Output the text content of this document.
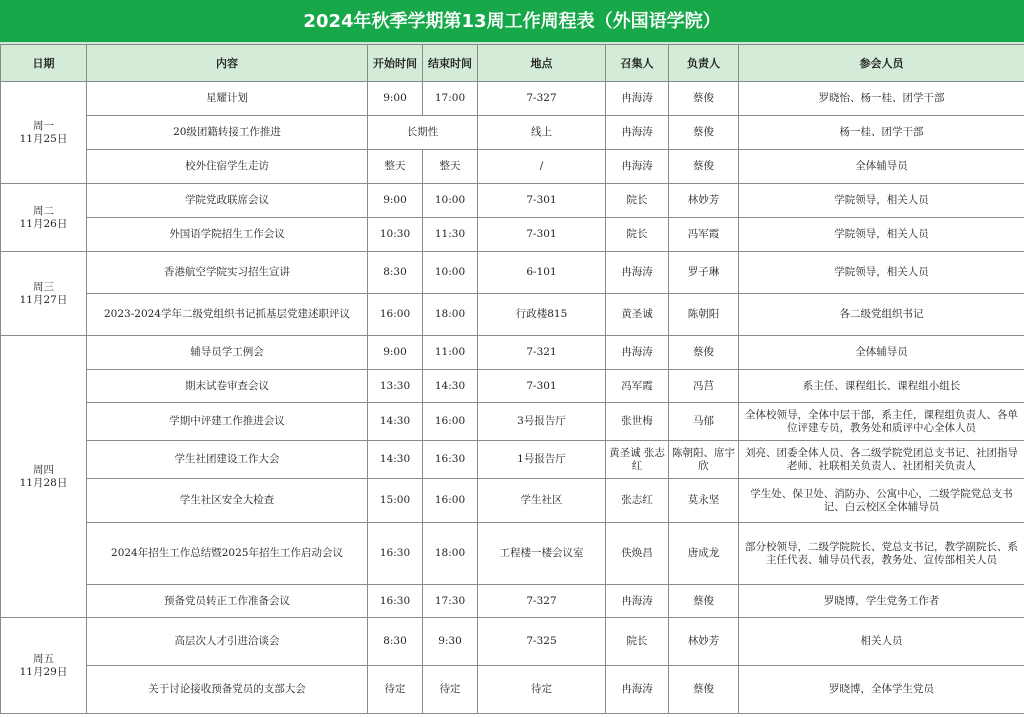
2024年秋季学期第13周工作周程表（外国语学院）
日期	内容	开始时间	结束时间	地点	召集人	负责人	参会人员

周一
11月25日	星耀计划	9:00	17:00	7-327	冉海涛	蔡俊	罗晓怡、杨一桂、团学干部
	20级团籍转接工作推进	长期性		线上	冉海涛	蔡俊	杨一桂、团学干部
	校外住宿学生走访	整天	整天	/	冉海涛	蔡俊	全体辅导员

周二
11月26日	学院党政联席会议	9:00	10:00	7-301	院长	林妙芳	学院领导，相关人员
	外国语学院招生工作会议	10:30	11:30	7-301	院长	冯军霞	学院领导，相关人员

周三
11月27日	香港航空学院实习招生宣讲	8:30	10:00	6-101	冉海涛	罗子琳	学院领导，相关人员
	2023-2024学年二级党组织书记抓基层党建述职评议	16:00	18:00	行政楼815	黄圣诚	陈朝阳	各二级党组织书记

周四
11月28日	辅导员学工例会	9:00	11:00	7-321	冉海涛	蔡俊	全体辅导员
	期末试卷审查会议	13:30	14:30	7-301	冯军霞	冯莒	系主任、课程组长、课程组小组长
	学期中评建工作推进会议	14:30	16:00	3号报告厅	张世梅	马郁	全体校领导，全体中层干部，系主任，课程组负责人、各单位评建专员，教务处和质评中心全体人员
	学生社团建设工作大会	14:30	16:30	1号报告厅	黄圣诚 张志红	陈朝阳、席宇欣	刘亮、团委全体人员、各二级学院党团总支书记、社团指导老师、社联相关负责人、社团相关负责人
	学生社区安全大检查	15:00	16:00	学生社区	张志红	莫永坚	学生处、保卫处、消防办、公寓中心，二级学院党总支书记、白云校区全体辅导员
	2024年招生工作总结暨2025年招生工作启动会议	16:30	18:00	工程楼一楼会议室	佚焕昌	唐成龙	部分校领导，二级学院院长、党总支书记，教学副院长、系主任代表、辅导员代表，教务处、宣传部相关人员
	预备党员转正工作准备会议	16:30	17:30	7-327	冉海涛	蔡俊	罗晓博，学生党务工作者

周五
11月29日	高层次人才引进洽谈会	8:30	9:30	7-325	院长	林妙芳	相关人员
	关于讨论接收预备党员的支部大会	待定	待定	待定	冉海涛	蔡俊	罗晓博，全体学生党员
